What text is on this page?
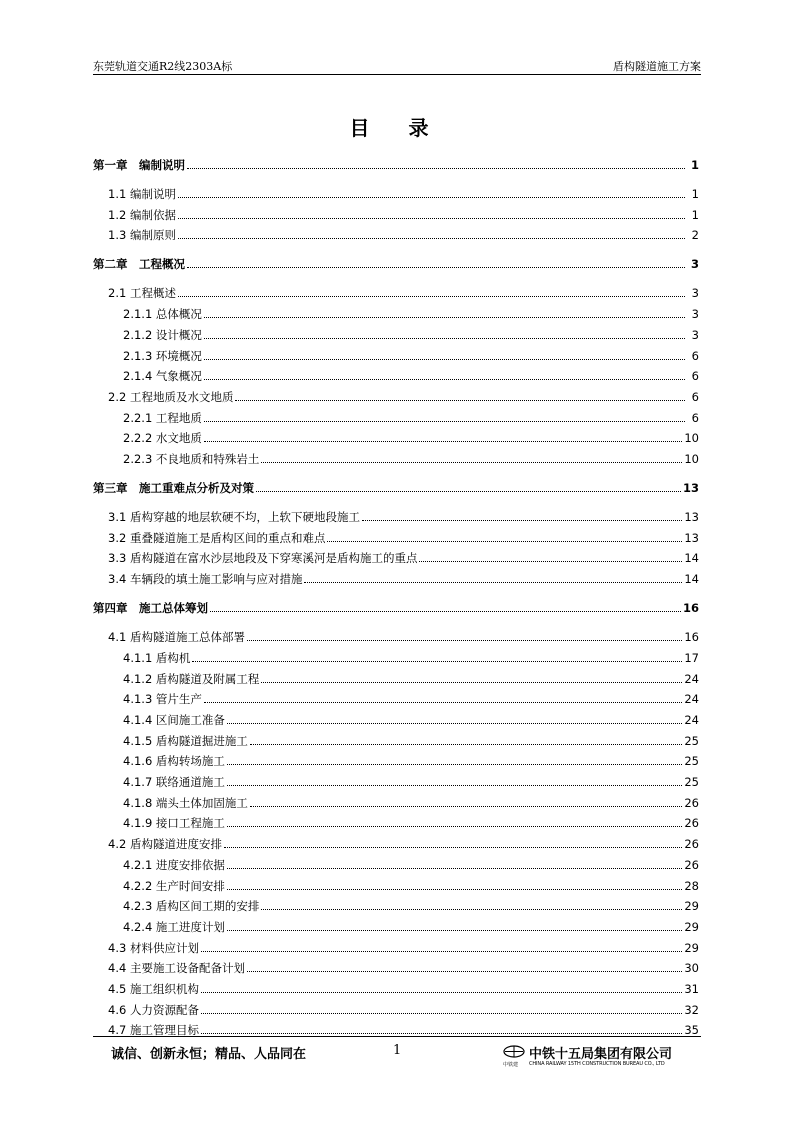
东莞轨道交通R2线2303A标	盾构隧道施工方案
目 录
第一章　编制说明	1
1.1 编制说明	1
1.2 编制依据	1
1.3 编制原则	2
第二章　工程概况	3
2.1 工程概述	3
2.1.1 总体概况	3
2.1.2 设计概况	3
2.1.3 环境概况	6
2.1.4 气象概况	6
2.2 工程地质及水文地质	6
2.2.1 工程地质	6
2.2.2 水文地质	10
2.2.3 不良地质和特殊岩土	10
第三章　施工重难点分析及对策	13
3.1 盾构穿越的地层软硬不均，上软下硬地段施工	13
3.2 重叠隧道施工是盾构区间的重点和难点	13
3.3 盾构隧道在富水沙层地段及下穿寒溪河是盾构施工的重点	14
3.4 车辆段的填土施工影响与应对措施	14
第四章　施工总体筹划	16
4.1 盾构隧道施工总体部署	16
4.1.1 盾构机	17
4.1.2 盾构隧道及附属工程	24
4.1.3 管片生产	24
4.1.4 区间施工准备	24
4.1.5 盾构隧道掘进施工	25
4.1.6 盾构转场施工	25
4.1.7 联络通道施工	25
4.1.8 端头土体加固施工	26
4.1.9 接口工程施工	26
4.2 盾构隧道进度安排	26
4.2.1 进度安排依据	26
4.2.2 生产时间安排	28
4.2.3 盾构区间工期的安排	29
4.2.4 施工进度计划	29
4.3 材料供应计划	29
4.4 主要施工设备配备计划	30
4.5 施工组织机构	31
4.6 人力资源配备	32
4.7 施工管理目标	35
诚信、创新永恒；精品、人品同在	1	中铁十五局集团有限公司
中铁建 CHINA RAILWAY 15TH CONSTRUCTION BUREAU CO., LTD
